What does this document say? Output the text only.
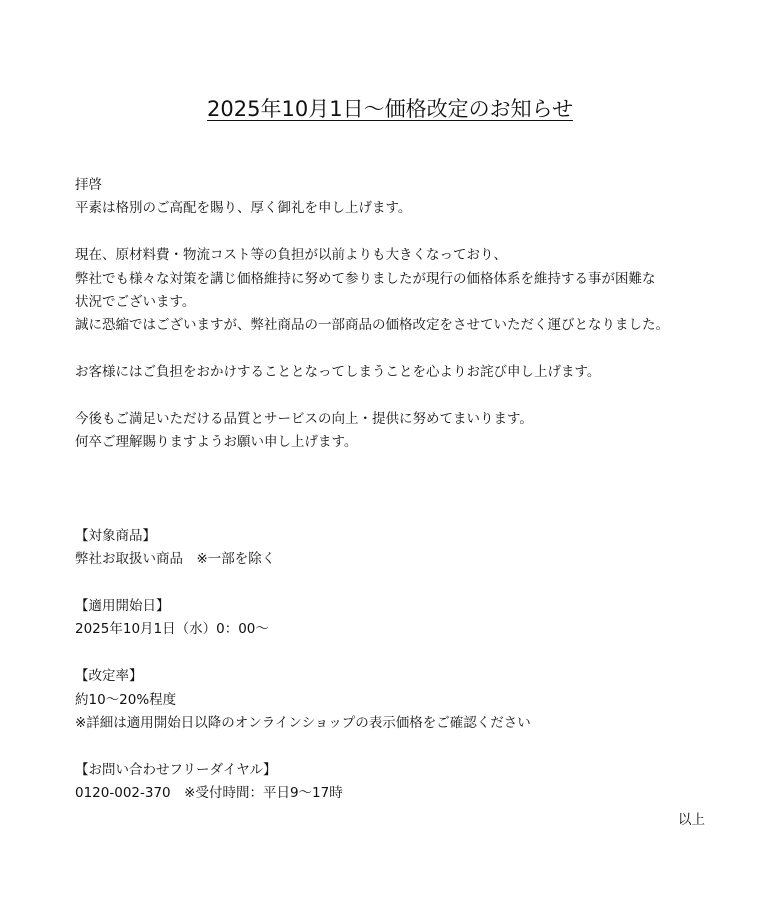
2025年10月1日〜価格改定のお知らせ
拝啓
平素は格別のご高配を賜り、厚く御礼を申し上げます。
現在、原材料費・物流コスト等の負担が以前よりも大きくなっており、
弊社でも様々な対策を講じ価格維持に努めて参りましたが現行の価格体系を維持する事が困難な
状況でございます。
誠に恐縮ではございますが、弊社商品の一部商品の価格改定をさせていただく運びとなりました。
お客様にはご負担をおかけすることとなってしまうことを心よりお詫び申し上げます。
今後もご満足いただける品質とサービスの向上・提供に努めてまいります。
何卒ご理解賜りますようお願い申し上げます。
【対象商品】
弊社お取扱い商品　※一部を除く
【適用開始日】
2025年10月1日（水）0：00〜
【改定率】
約10〜20%程度
※詳細は適用開始日以降のオンラインショップの表示価格をご確認ください
【お問い合わせフリーダイヤル】
0120-002-370　※受付時間：平日9〜17時
以上
